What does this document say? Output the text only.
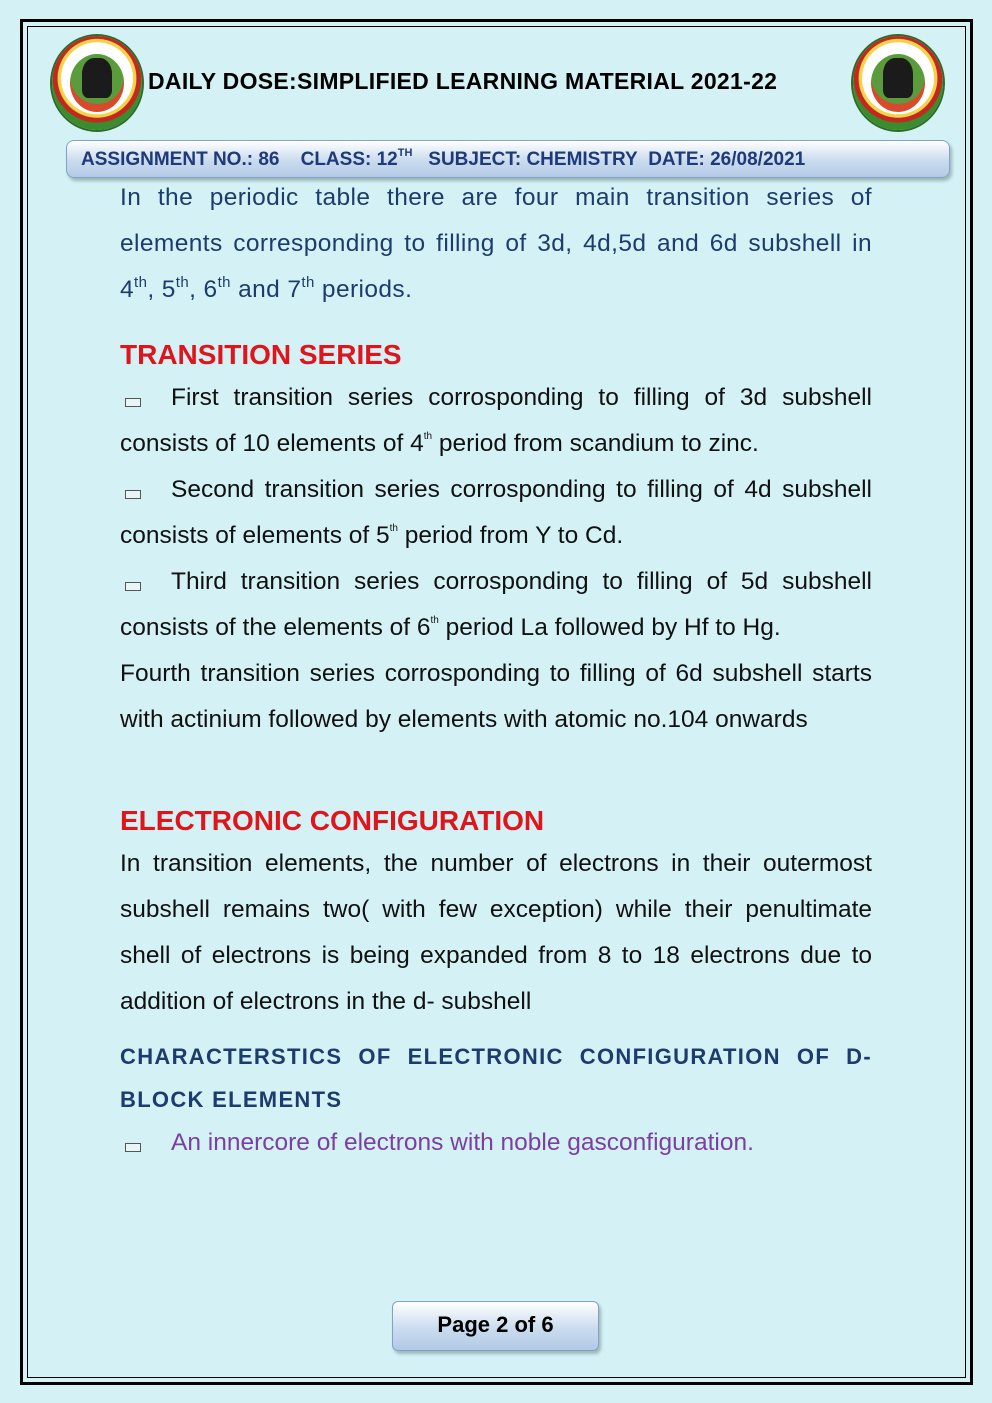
DAILY DOSE:SIMPLIFIED LEARNING MATERIAL 2021-22
ASSIGNMENT NO.: 86 CLASS: 12TH SUBJECT: CHEMISTRY DATE: 26/08/2021

In the periodic table there are four main transition series of elements corresponding to filling of 3d, 4d,5d and 6d subshell in 4th, 5th, 6th and 7th periods.

TRANSITION SERIES

First transition series corrosponding to filling of 3d subshell consists of 10 elements of 4th period from scandium to zinc.

Second transition series corrosponding to filling of 4d subshell consists of elements of 5th period from Y to Cd.

Third transition series corrosponding to filling of 5d subshell consists of the elements of 6th period La followed by Hf to Hg.

Fourth transition series corrosponding to filling of 6d subshell starts with actinium followed by elements with atomic no.104 onwards

ELECTRONIC CONFIGURATION

In transition elements, the number of electrons in their outermost subshell remains two( with few exception) while their penultimate shell of electrons is being expanded from 8 to 18 electrons due to addition of electrons in the d- subshell

CHARACTERSTICS OF ELECTRONIC CONFIGURATION OF D-BLOCK ELEMENTS

An innercore of electrons with noble gasconfiguration.

Page 2 of 6
